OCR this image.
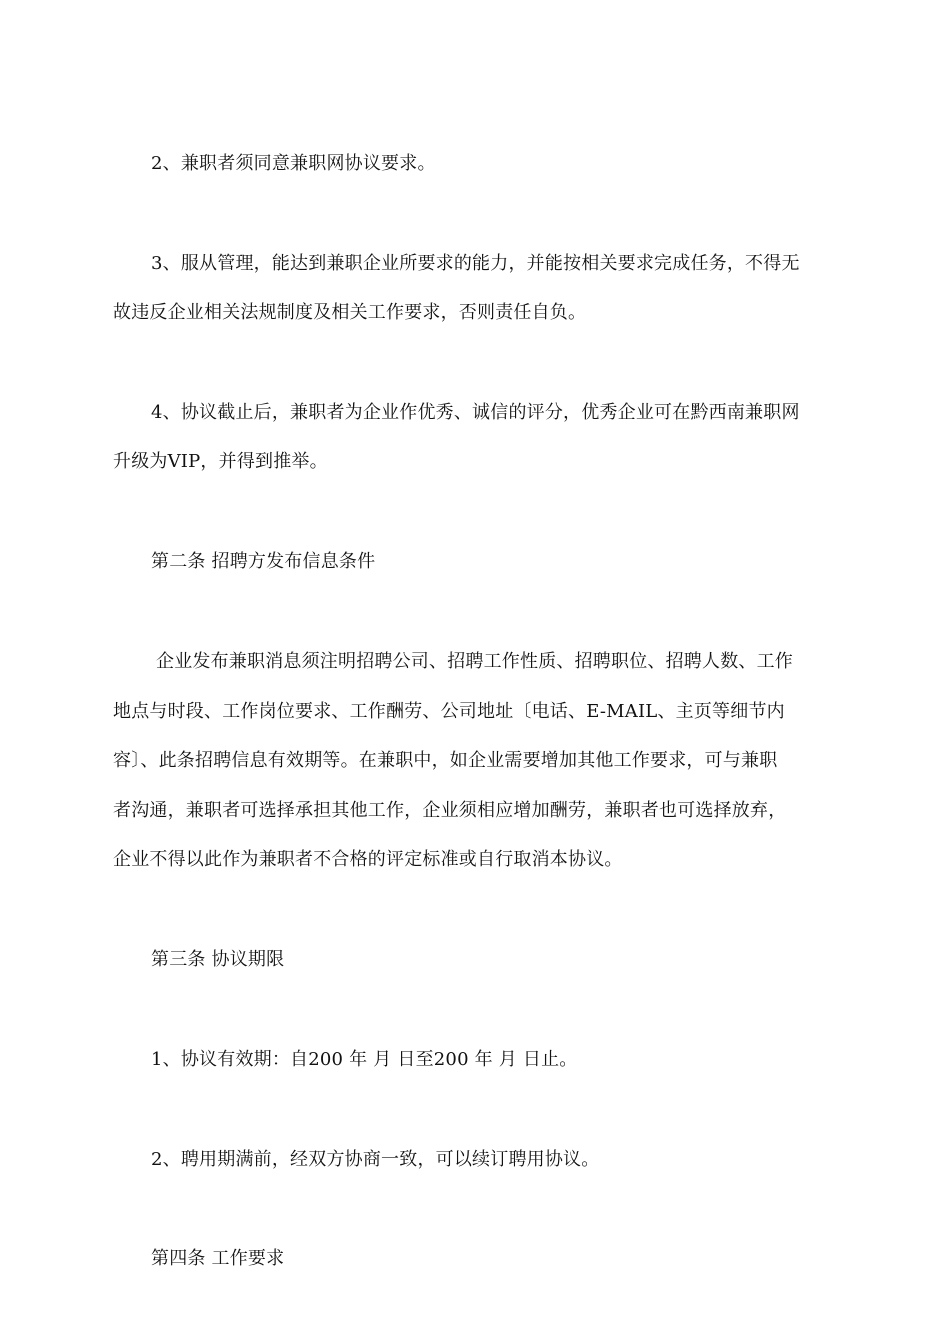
2、兼职者须同意兼职网协议要求。
3、服从管理，能达到兼职企业所要求的能力，并能按相关要求完成任务，不得无
故违反企业相关法规制度及相关工作要求，否则责任自负。
4、协议截止后，兼职者为企业作优秀、诚信的评分，优秀企业可在黔西南兼职网
升级为VIP，并得到推举。
第二条 招聘方发布信息条件
企业发布兼职消息须注明招聘公司、招聘工作性质、招聘职位、招聘人数、工作
地点与时段、工作岗位要求、工作酬劳、公司地址〔电话、E-MAIL、主页等细节内
容〕、此条招聘信息有效期等。在兼职中，如企业需要增加其他工作要求，可与兼职
者沟通，兼职者可选择承担其他工作，企业须相应增加酬劳，兼职者也可选择放弃，
企业不得以此作为兼职者不合格的评定标准或自行取消本协议。
第三条 协议期限
1、协议有效期：自200 年 月 日至200 年 月 日止。
2、聘用期满前，经双方协商一致，可以续订聘用协议。
第四条 工作要求
